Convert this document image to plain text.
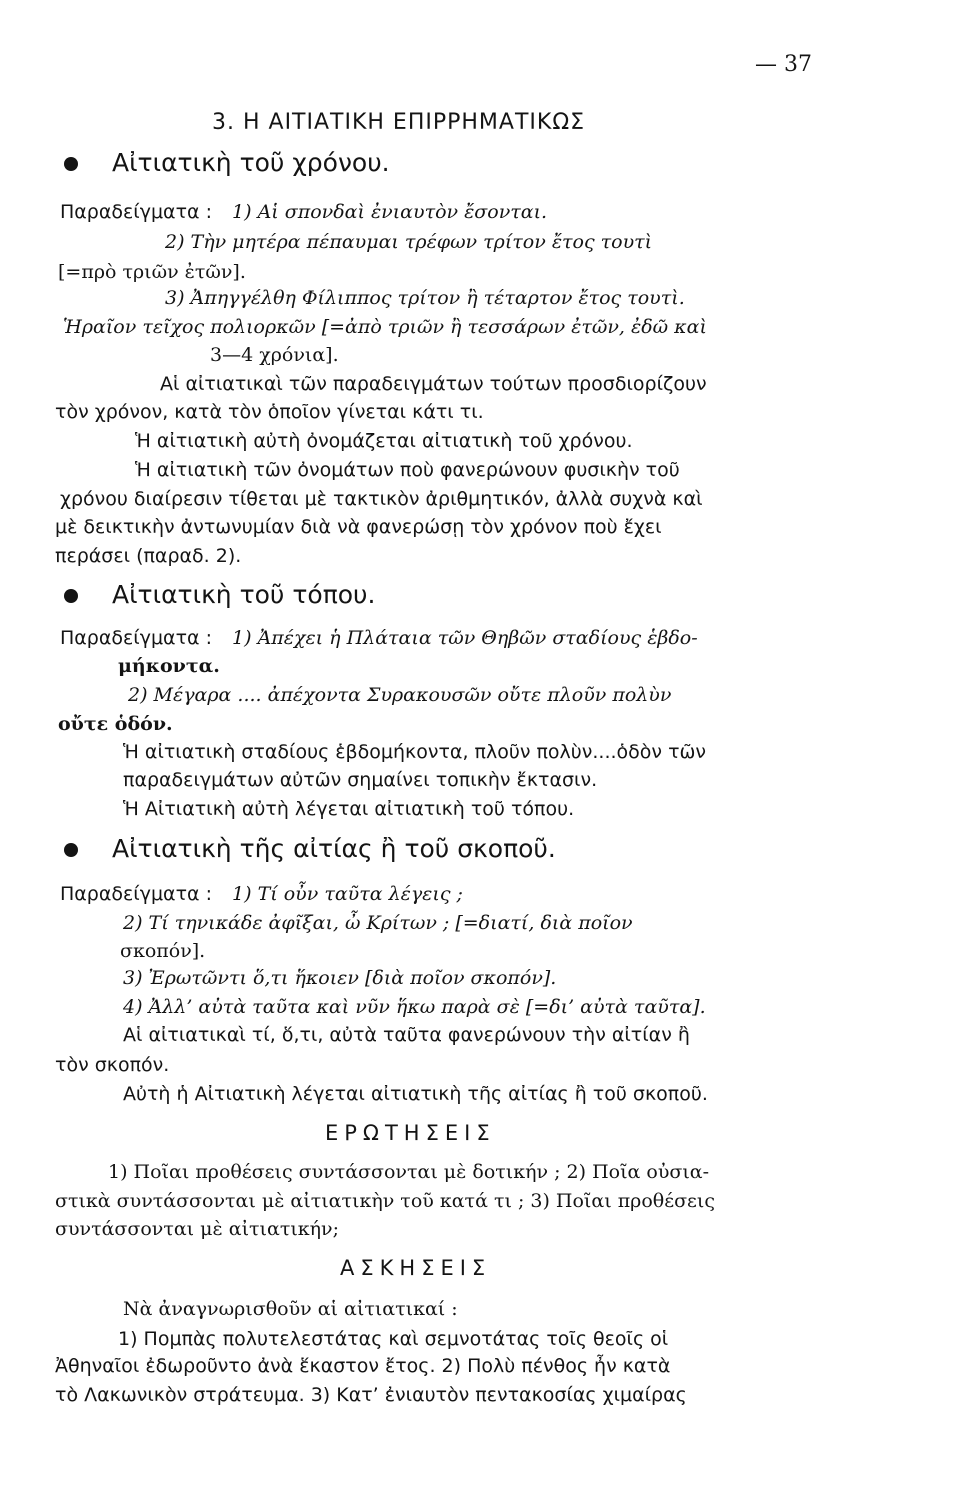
— 37
3. Η ΑΙΤΙΑΤΙΚΗ ΕΠΙΡΡΗΜΑΤΙΚΩΣ
Αἰτιατικὴ τοῦ χρόνου.
Παραδείγματα : 1) Αἱ σπονδαὶ ἐνιαυτὸν ἔσονται.
2) Τὴν μητέρα πέπαυμαι τρέφων τρίτον ἔτος τουτὶ
[=πρὸ τριῶν ἐτῶν].
3) Ἀπηγγέλθη Φίλιππος τρίτον ἢ τέταρτον ἔτος τουτὶ.
Ἡραῖον τεῖχος πολιορκῶν [=ἀπὸ τριῶν ἢ τεσσάρων ἐτῶν, ἐδῶ καὶ
3—4 χρόνια].
Αἱ αἰτιατικαὶ τῶν παραδειγμάτων τούτων προσδιορίζουν
τὸν χρόνον, κατὰ τὸν ὁποῖον γίνεται κάτι τι.
Ἡ αἰτιατικὴ αὐτὴ ὀνομάζεται αἰτιατικὴ τοῦ χρόνου.
Ἡ αἰτιατικὴ τῶν ὀνομάτων ποὺ φανερώνουν φυσικὴν τοῦ
χρόνου διαίρεσιν τίθεται μὲ τακτικὸν ἀριθμητικόν, ἀλλὰ συχνὰ καὶ
μὲ δεικτικὴν ἀντωνυμίαν διὰ νὰ φανερώσῃ τὸν χρόνον ποὺ ἔχει
περάσει (παραδ. 2).
Αἰτιατικὴ τοῦ τόπου.
Παραδείγματα : 1) Ἀπέχει ἡ Πλάταια τῶν Θηβῶν σταδίους ἑβδο-
μήκοντα.
2) Μέγαρα .... ἀπέχοντα Συρακουσῶν οὔτε πλοῦν πολὺν
οὔτε ὁδόν.
Ἡ αἰτιατικὴ σταδίους ἑβδομήκοντα, πλοῦν πολὺν....ὁδὸν τῶν
παραδειγμάτων αὐτῶν σημαίνει τοπικὴν ἔκτασιν.
Ἡ Αἰτιατικὴ αὐτὴ λέγεται αἰτιατικὴ τοῦ τόπου.
Αἰτιατικὴ τῆς αἰτίας ἢ τοῦ σκοποῦ.
Παραδείγματα : 1) Τί οὖν ταῦτα λέγεις ;
2) Τί τηνικάδε ἀφῖξαι, ὦ Κρίτων ; [=διατί, διὰ ποῖον
σκοπόν].
3) Ἐρωτῶντι ὅ,τι ἥκοιεν [διὰ ποῖον σκοπόν].
4) Ἀλλ’ αὐτὰ ταῦτα καὶ νῦν ἥκω παρὰ σὲ [=δι’ αὐτὰ ταῦτα].
Αἱ αἰτιατικαὶ τί, ὅ,τι, αὐτὰ ταῦτα φανερώνουν τὴν αἰτίαν ἢ
τὸν σκοπόν.
Αὐτὴ ἡ Αἰτιατικὴ λέγεται αἰτιατικὴ τῆς αἰτίας ἢ τοῦ σκοποῦ.
ΕΡΩΤΗΣΕΙΣ
1) Ποῖαι προθέσεις συντάσσονται μὲ δοτικήν ; 2) Ποῖα οὐσια-
στικὰ συντάσσονται μὲ αἰτιατικὴν τοῦ κατά τι ; 3) Ποῖαι προθέσεις
συντάσσονται μὲ αἰτιατικήν;
ΑΣΚΗΣΕΙΣ
Νὰ ἀναγνωρισθοῦν αἱ αἰτιατικαί :
1) Πομπὰς πολυτελεστάτας καὶ σεμνοτάτας τοῖς θεοῖς οἱ
Ἀθηναῖοι ἐδωροῦντο ἀνὰ ἕκαστον ἔτος. 2) Πολὺ πένθος ἦν κατὰ
τὸ Λακωνικὸν στράτευμα. 3) Κατ’ ἐνιαυτὸν πεντακοσίας χιμαίρας
